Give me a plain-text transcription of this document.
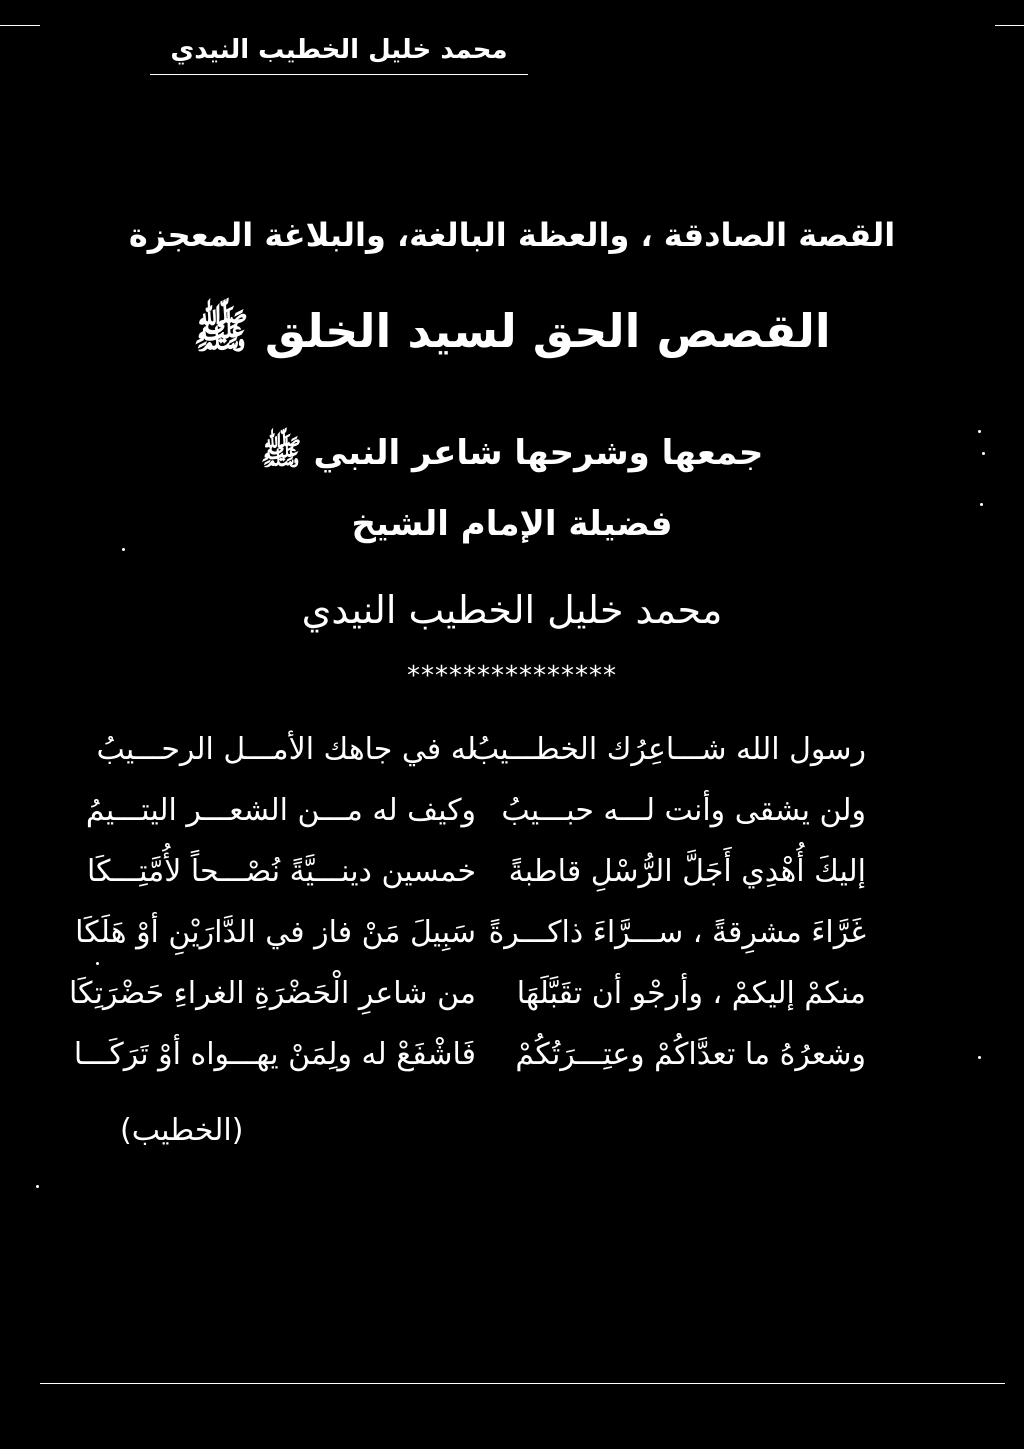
محمد خليل الخطيب النيدي
القصة الصادقة ، والعظة البالغة، والبلاغة المعجزة
القصص الحق لسيد الخلق ﷺ
جمعها وشرحها شاعر النبي ﷺ
فضيلة الإمام الشيخ
محمد خليل الخطيب النيدي
***************
رسول الله شـــاعِرُك الخطـــيبُ
له في جاهك الأمـــل الرحـــيبُ
ولن يشقى وأنت لـــه حبـــيبُ
وكيف له مـــن الشعـــر اليتـــيمُ
إليكَ أُهْدِي أَجَلَّ الرُّسْلِ قاطبةً
خمسين دينـــيَّةً نُصْـــحاً لأُمَّتِـــكَا
غَرَّاءَ مشرِقةً ، ســـرَّاءَ ذاكـــرةً
سَبِيلَ مَنْ فاز في الدَّارَيْنِ أوْ هَلَكَا
منكمْ إليكمْ ، وأرجْو أن تقَبَّلَهَا
من شاعرِ الْحَضْرَةِ الغراءِ حَضْرَتِكَا
وشعرُهُ ما تعدَّاكُمْ وعتِـــرَتُكُمْ
فَاشْفَعْ له ولِمَنْ يهـــواه أوْ تَرَكَـــا
(الخطيب)
